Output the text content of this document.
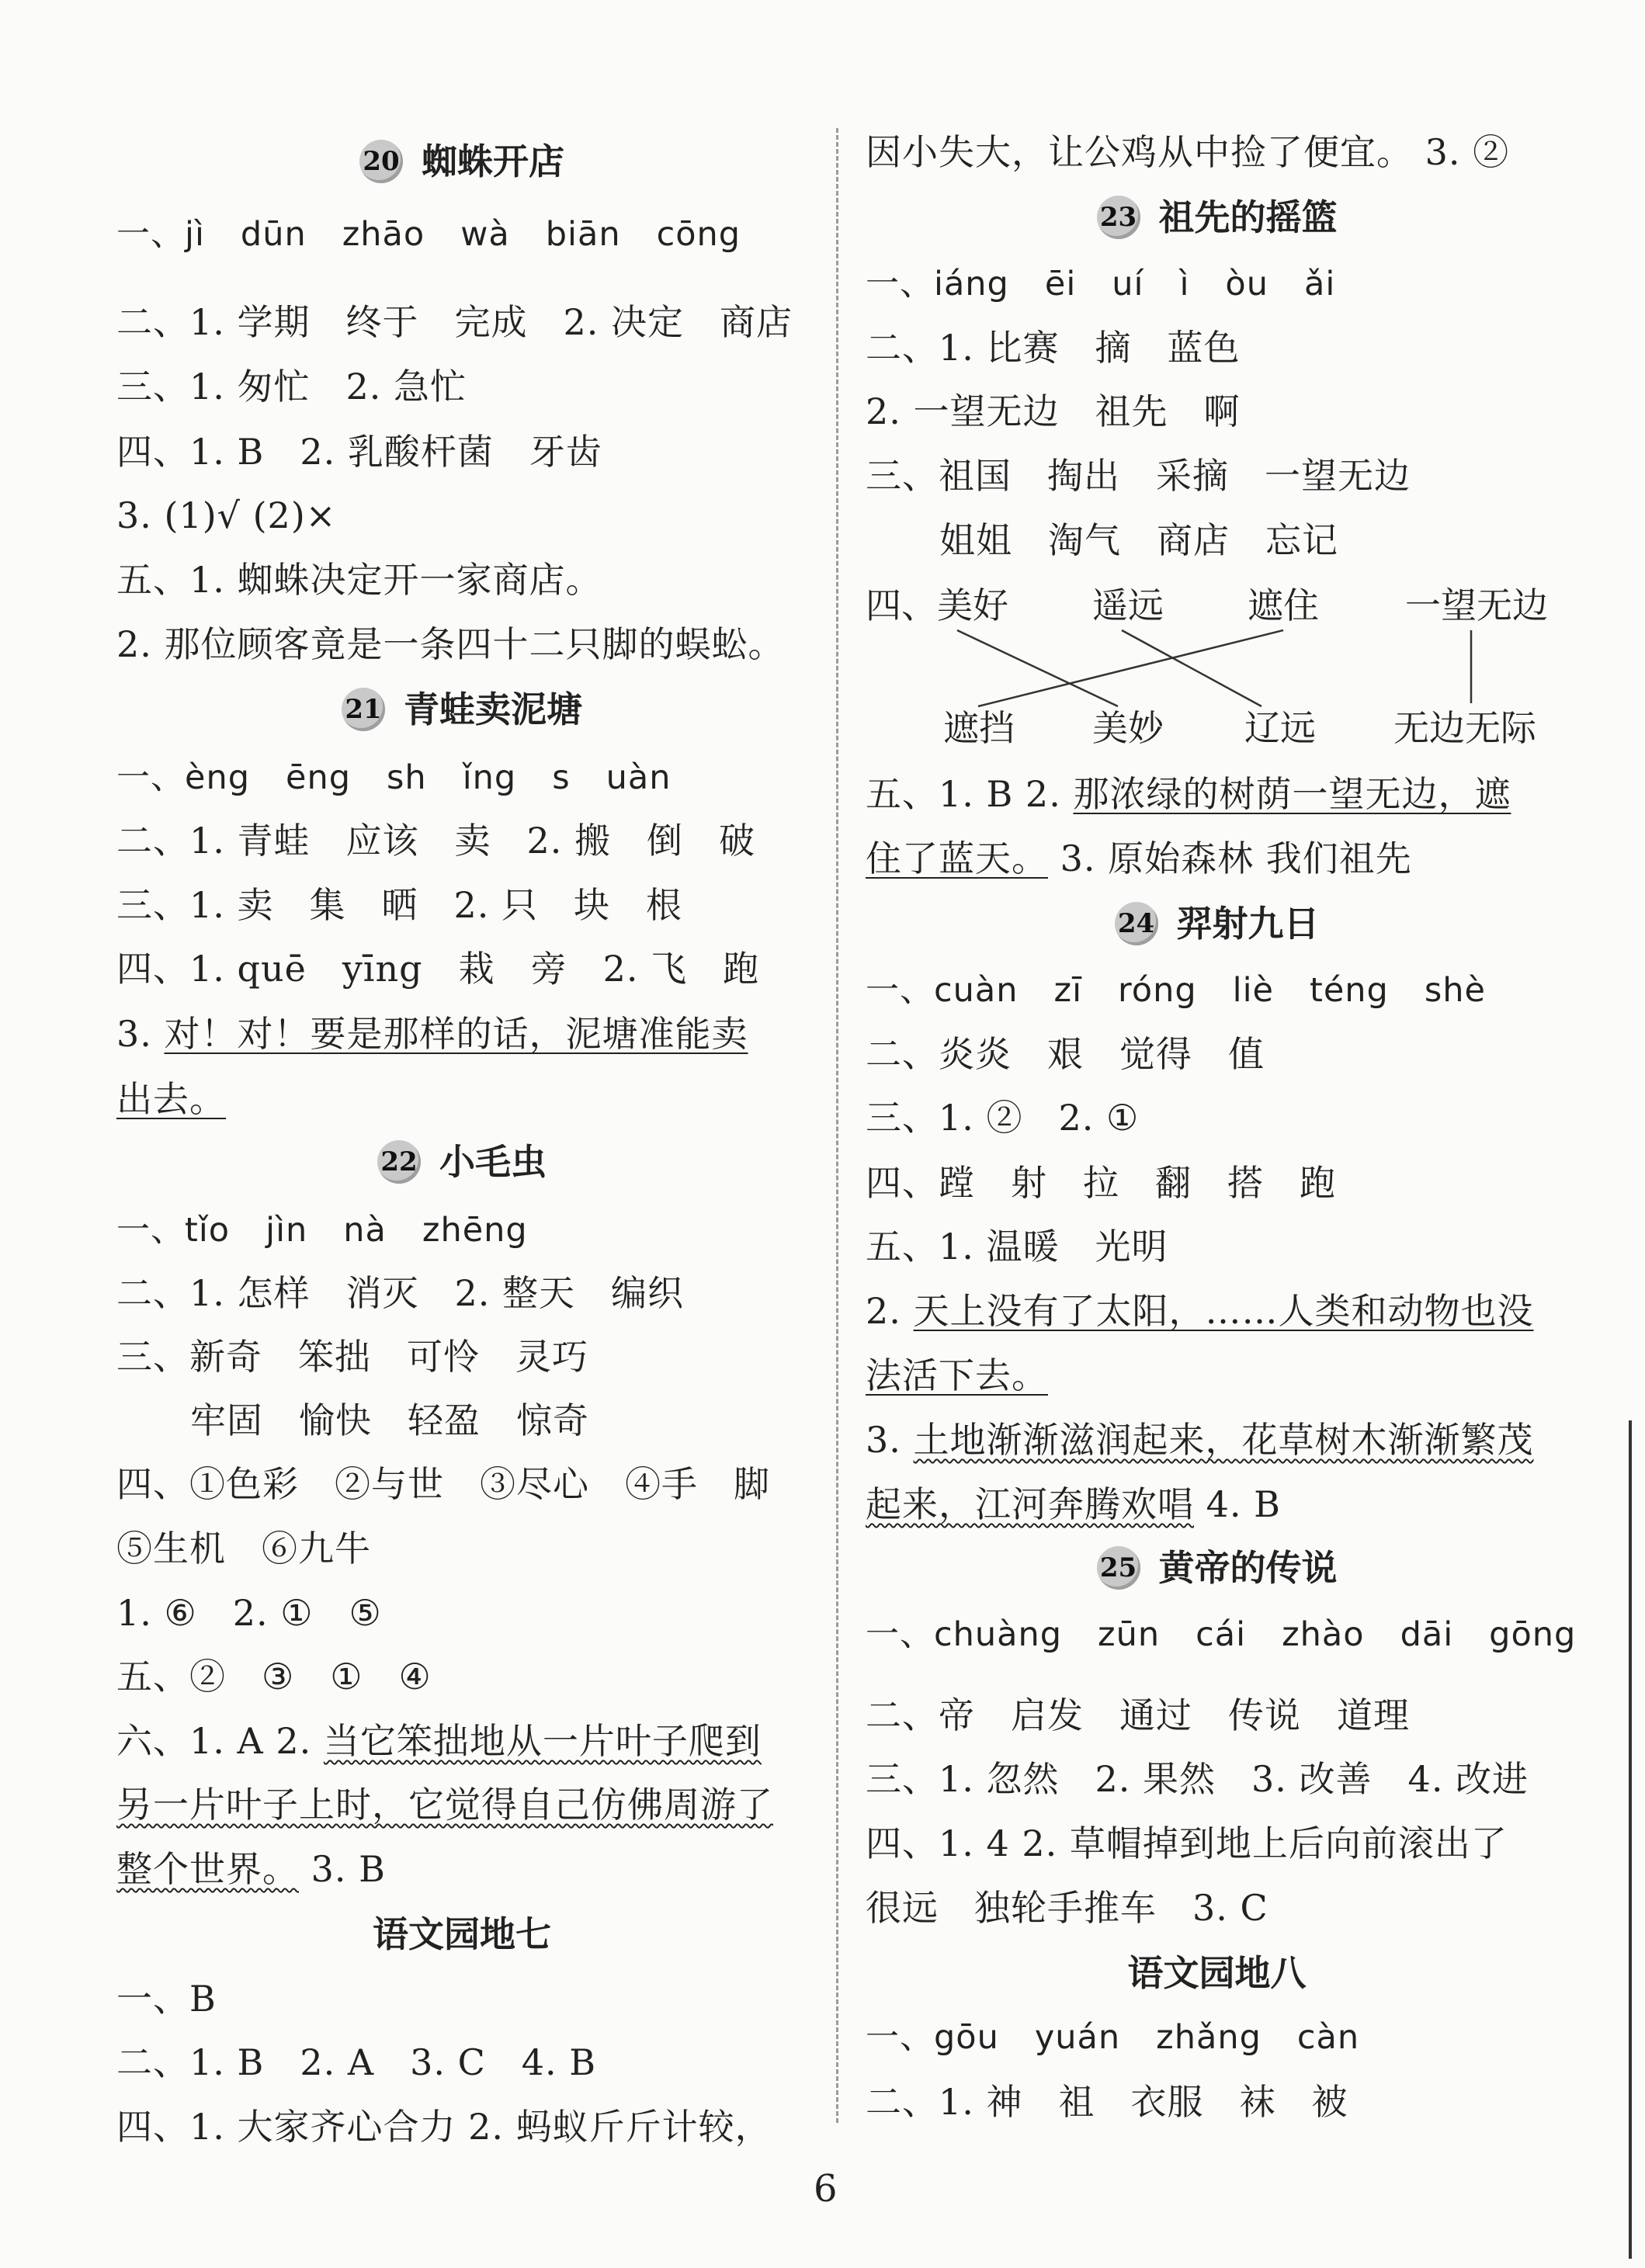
20 蜘蛛开店
一、jì dūn zhāo wà biān cōng
二、1. 学期 终于 完成 2. 决定 商店
三、1. 匆忙 2. 急忙
四、1. B 2. 乳酸杆菌 牙齿
3. (1)√ (2)×
五、1. 蜘蛛决定开一家商店。
2. 那位顾客竟是一条四十二只脚的蜈蚣。
21 青蛙卖泥塘
一、èng ēng sh ǐng s uàn
二、1. 青蛙 应该 卖 2. 搬 倒 破
三、1. 卖 集 晒 2. 只 块 根
四、1. quē yīng 栽 旁 2. 飞 跑
3. 对！对！要是那样的话，泥塘准能卖
出去。
22 小毛虫
一、tǐo jìn nà zhēng
二、1. 怎样 消灭 2. 整天 编织
三、新奇 笨拙 可怜 灵巧
牢固 愉快 轻盈 惊奇
四、①色彩 ②与世 ③尽心 ④手 脚
⑤生机 ⑥九牛
1. ⑥ 2. ① ⑤
五、② ③ ① ④
六、1. A 2. 当它笨拙地从一片叶子爬到
另一片叶子上时，它觉得自己仿佛周游了
整个世界。 3. B
语文园地七
一、B
二、1. B 2. A 3. C 4. B
四、1. 大家齐心合力 2. 蚂蚁斤斤计较，
因小失大，让公鸡从中捡了便宜。 3. ②
23 祖先的摇篮
一、iáng ēi uí ì òu ǎi
二、1. 比赛 摘 蓝色
2. 一望无边 祖先 啊
三、祖国 掏出 采摘 一望无边
姐姐 淘气 商店 忘记
四、美好 遥远 遮住 一望无边
遮挡 美妙 辽远 无边无际
五、1. B 2. 那浓绿的树荫一望无边，遮
住了蓝天。 3. 原始森林 我们祖先
24 羿射九日
一、cuàn zī róng liè téng shè
二、炎炎 艰 觉得 值
三、1. ② 2. ①
四、蹚 射 拉 翻 搭 跑
五、1. 温暖 光明
2. 天上没有了太阳，……人类和动物也没
法活下去。
3. 土地渐渐滋润起来，花草树木渐渐繁茂
起来，江河奔腾欢唱 4. B
25 黄帝的传说
一、chuàng zūn cái zhào dāi gōng
二、帝 启发 通过 传说 道理
三、1. 忽然 2. 果然 3. 改善 4. 改进
四、1. 4 2. 草帽掉到地上后向前滚出了
很远 独轮手推车 3. C
语文园地八
一、gōu yuán zhǎng càn
二、1. 神 祖 衣服 袜 被
6
